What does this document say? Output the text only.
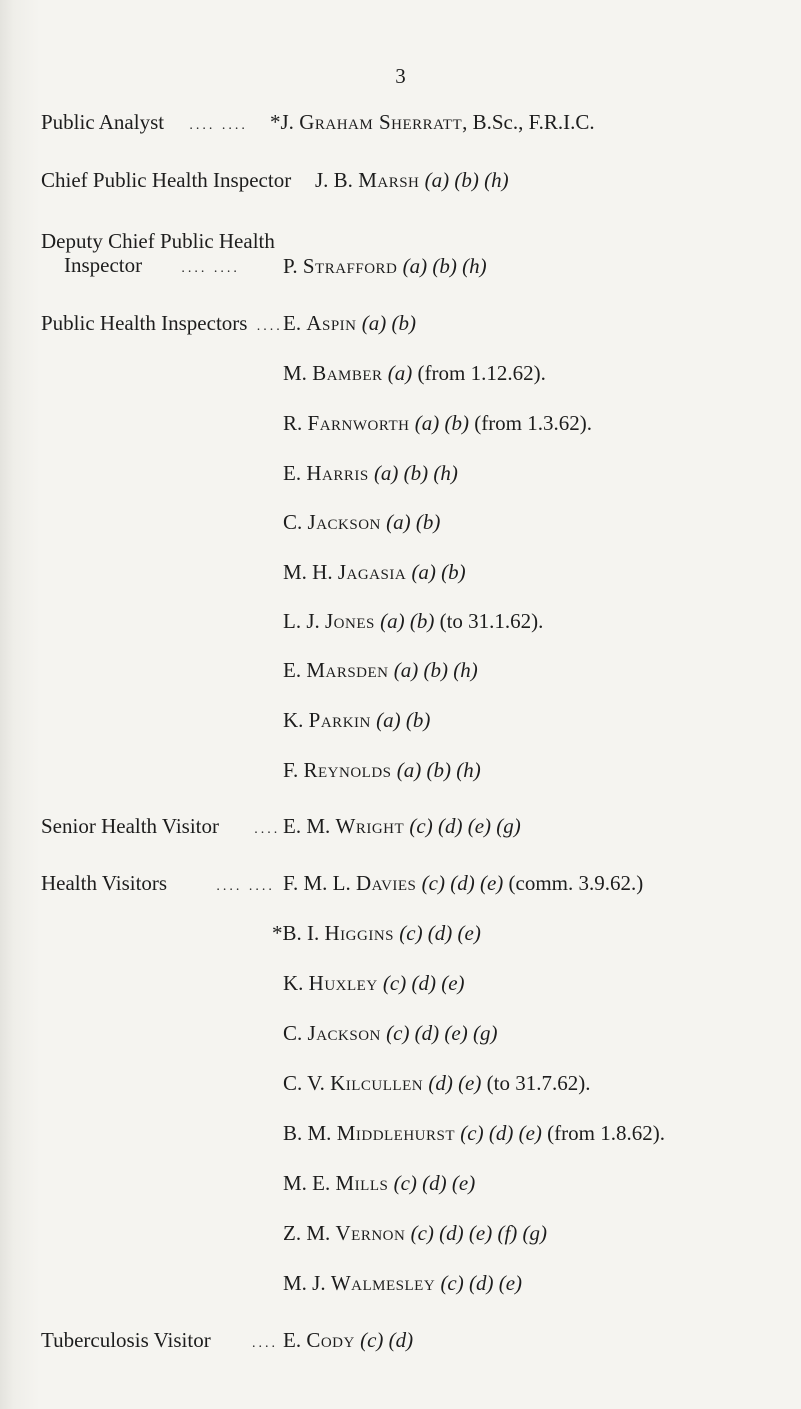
3
Public Analyst .... .... *J. Graham Sherratt, B.Sc., F.R.I.C.
Chief Public Health Inspector J. B. Marsh (a) (b) (h)
Deputy Chief Public Health
Inspector	.... .... P. Strafford (a) (b) (h)
Public Health Inspectors .... E. Aspin (a) (b)
M. Bamber (a) (from 1.12.62).
R. Farnworth (a) (b) (from 1.3.62).
E. Harris (a) (b) (h)
C. Jackson (a) (b)
M. H. Jagasia (a) (b)
L. J. Jones (a) (b) (to 31.1.62).
E. Marsden (a) (b) (h)
K. Parkin (a) (b)
F. Reynolds (a) (b) (h)
Senior Health Visitor	.... E. M. Wright (c) (d) (e) (g)
Health Visitors	.... .... F. M. L. Davies (c) (d) (e) (comm. 3.9.62.)
*B. I. Higgins (c) (d) (e)
K. Huxley (c) (d) (e)
C. Jackson (c) (d) (e) (g)
C. V. Kilcullen (d) (e) (to 31.7.62).
B. M. Middlehurst (c) (d) (e) (from 1.8.62).
M. E. Mills (c) (d) (e)
Z. M. Vernon (c) (d) (e) (f) (g)
M. J. Walmesley (c) (d) (e)
Tuberculosis Visitor	.... E. Cody (c) (d)
